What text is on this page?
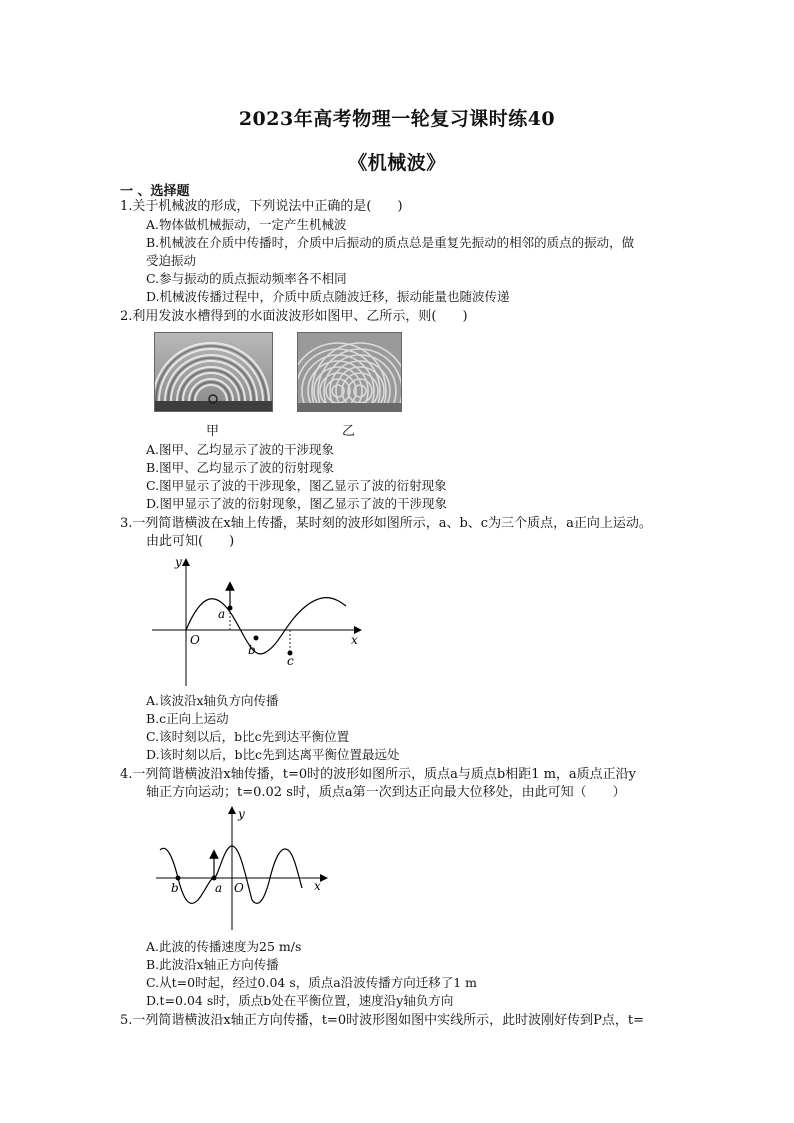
2023年高考物理一轮复习课时练40
《机械波》
一 、选择题
1.关于机械波的形成，下列说法中正确的是(　　)
A.物体做机械振动，一定产生机械波
B.机械波在介质中传播时，介质中后振动的质点总是重复先振动的相邻的质点的振动，做
受迫振动
C.参与振动的质点振动频率各不相同
D.机械波传播过程中，介质中质点随波迁移，振动能量也随波传递
2.利用发波水槽得到的水面波波形如图甲、乙所示，则(　　)
甲	乙
A.图甲、乙均显示了波的干涉现象
B.图甲、乙均显示了波的衍射现象
C.图甲显示了波的干涉现象，图乙显示了波的衍射现象
D.图甲显示了波的衍射现象，图乙显示了波的干涉现象
3.一列简谐横波在x轴上传播，某时刻的波形如图所示，a、b、c为三个质点，a正向上运动。
由此可知(　　)
y
x
O
a
b
c
A.该波沿x轴负方向传播
B.c正向上运动
C.该时刻以后，b比c先到达平衡位置
D.该时刻以后，b比c先到达离平衡位置最远处
4.一列简谐横波沿x轴传播，t=0时的波形如图所示，质点a与质点b相距1 m，a质点正沿y
轴正方向运动；t=0.02 s时，质点a第一次到达正向最大位移处，由此可知（　　）
y
x
O
b	a
A.此波的传播速度为25 m/s
B.此波沿x轴正方向传播
C.从t=0时起，经过0.04 s，质点a沿波传播方向迁移了1 m
D.t=0.04 s时，质点b处在平衡位置，速度沿y轴负方向
5.一列简谐横波沿x轴正方向传播，t=0时波形图如图中实线所示，此时波刚好传到P点，t=
